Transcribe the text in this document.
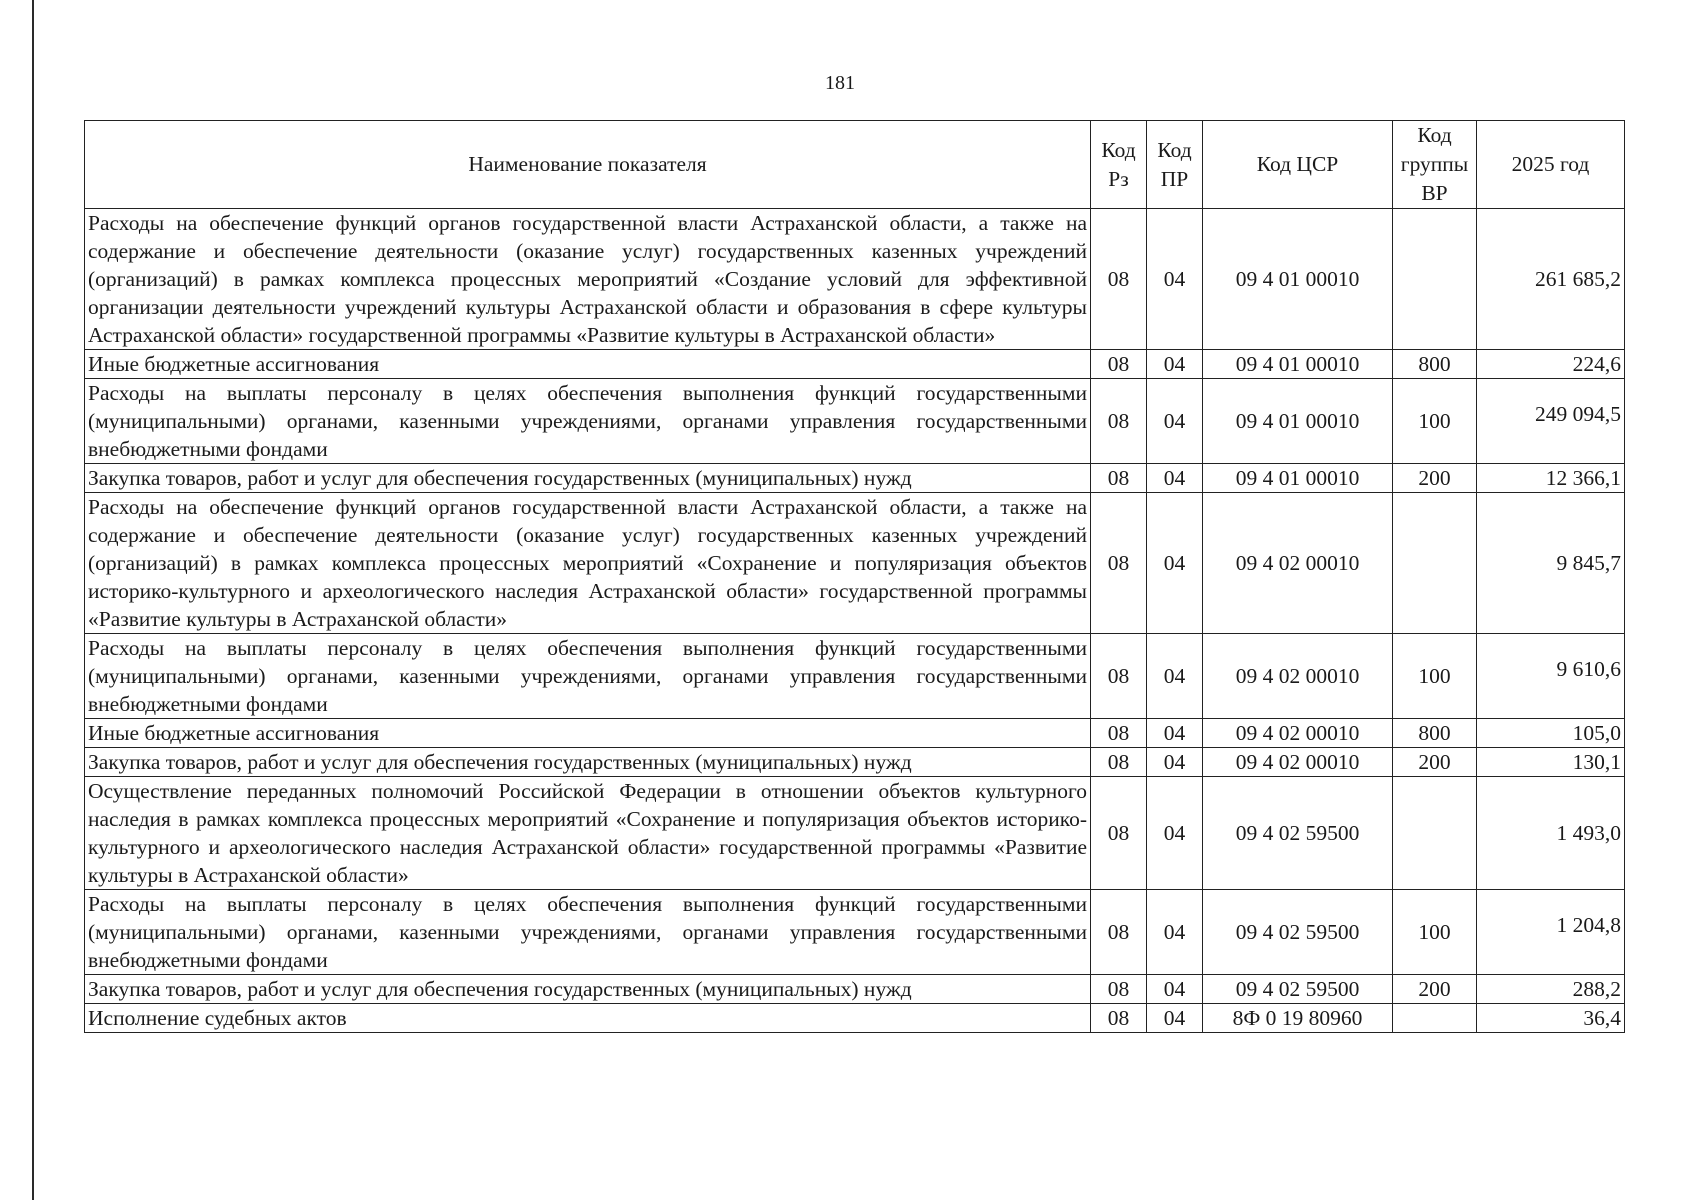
181
Наименование показателя	Код Рз	Код ПР	Код ЦСР	Код группы ВР	2025 год
Расходы на обеспечение функций органов государственной власти Астраханской области, а также на содержание и обеспечение деятельности (оказание услуг) государственных казенных учреждений (организаций) в рамках комплекса процессных мероприятий «Создание условий для эффективной организации деятельности учреждений культуры Астраханской области и образования в сфере культуры Астраханской области» государственной программы «Развитие культуры в Астраханской области»	08	04	09 4 01 00010		261 685,2
Иные бюджетные ассигнования	08	04	09 4 01 00010	800	224,6
Расходы на выплаты персоналу в целях обеспечения выполнения функций государственными (муниципальными) органами, казенными учреждениями, органами управления государственными внебюджетными фондами	08	04	09 4 01 00010	100	249 094,5
Закупка товаров, работ и услуг для обеспечения государственных (муниципальных) нужд	08	04	09 4 01 00010	200	12 366,1
Расходы на обеспечение функций органов государственной власти Астраханской области, а также на содержание и обеспечение деятельности (оказание услуг) государственных казенных учреждений (организаций) в рамках комплекса процессных мероприятий «Сохранение и популяризация объектов историко-культурного и археологического наследия Астраханской области» государственной программы «Развитие культуры в Астраханской области»	08	04	09 4 02 00010		9 845,7
Расходы на выплаты персоналу в целях обеспечения выполнения функций государственными (муниципальными) органами, казенными учреждениями, органами управления государственными внебюджетными фондами	08	04	09 4 02 00010	100	9 610,6
Иные бюджетные ассигнования	08	04	09 4 02 00010	800	105,0
Закупка товаров, работ и услуг для обеспечения государственных (муниципальных) нужд	08	04	09 4 02 00010	200	130,1
Осуществление переданных полномочий Российской Федерации в отношении объектов культурного наследия в рамках комплекса процессных мероприятий «Сохранение и популяризация объектов историко-культурного и археологического наследия Астраханской области» государственной программы «Развитие культуры в Астраханской области»	08	04	09 4 02 59500		1 493,0
Расходы на выплаты персоналу в целях обеспечения выполнения функций государственными (муниципальными) органами, казенными учреждениями, органами управления государственными внебюджетными фондами	08	04	09 4 02 59500	100	1 204,8
Закупка товаров, работ и услуг для обеспечения государственных (муниципальных) нужд	08	04	09 4 02 59500	200	288,2
Исполнение судебных актов	08	04	8Ф 0 19 80960		36,4
